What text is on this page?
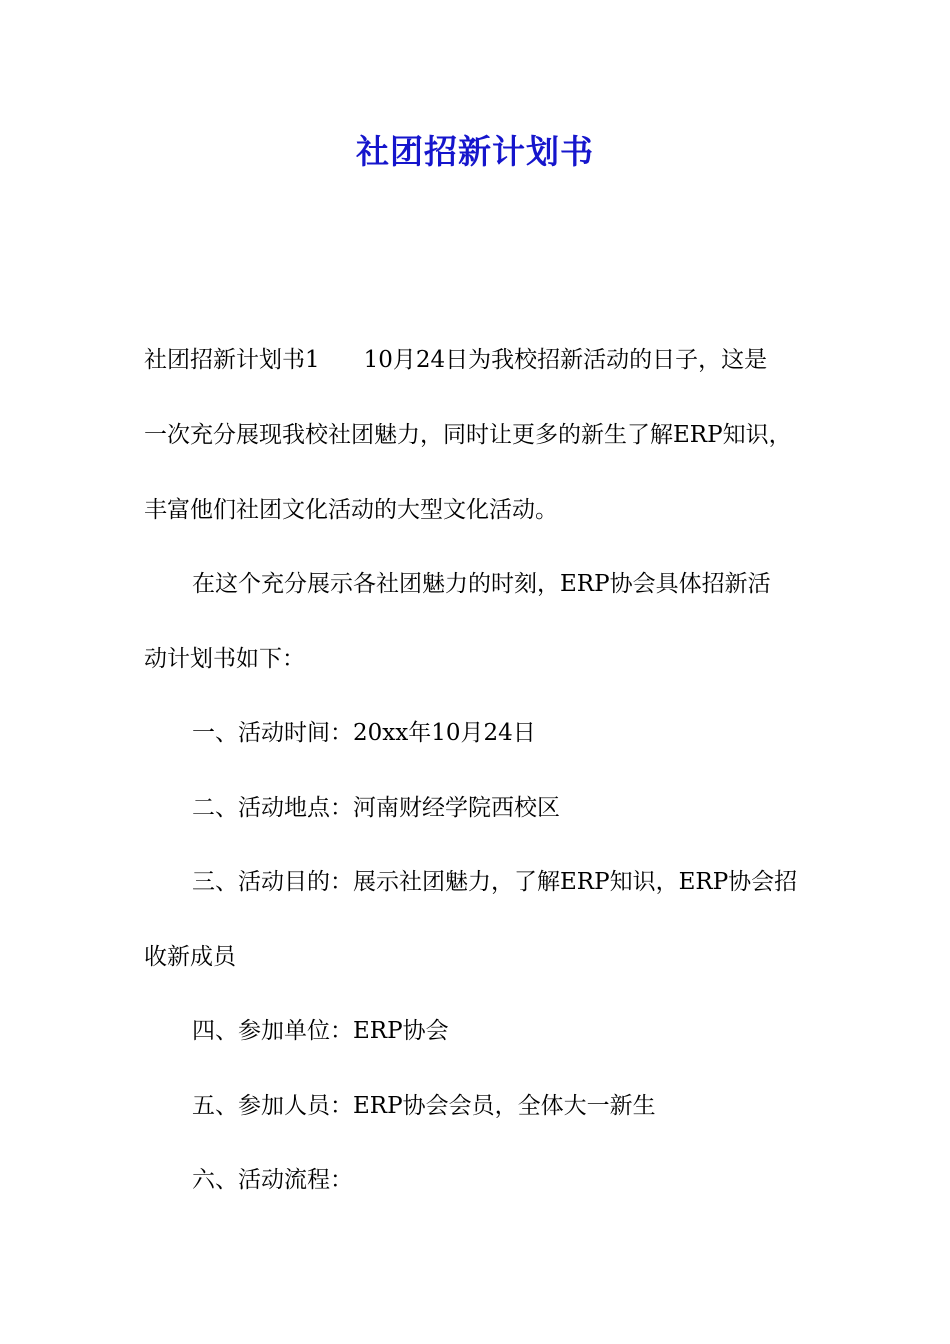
社团招新计划书

社团招新计划书1 10月24日为我校招新活动的日子，这是

一次充分展现我校社团魅力，同时让更多的新生了解ERP知识，

丰富他们社团文化活动的大型文化活动。

在这个充分展示各社团魅力的时刻，ERP协会具体招新活

动计划书如下：

一、活动时间：20xx年10月24日

二、活动地点：河南财经学院西校区

三、活动目的：展示社团魅力，了解ERP知识，ERP协会招

收新成员

四、参加单位：ERP协会

五、参加人员：ERP协会会员，全体大一新生

六、活动流程：
